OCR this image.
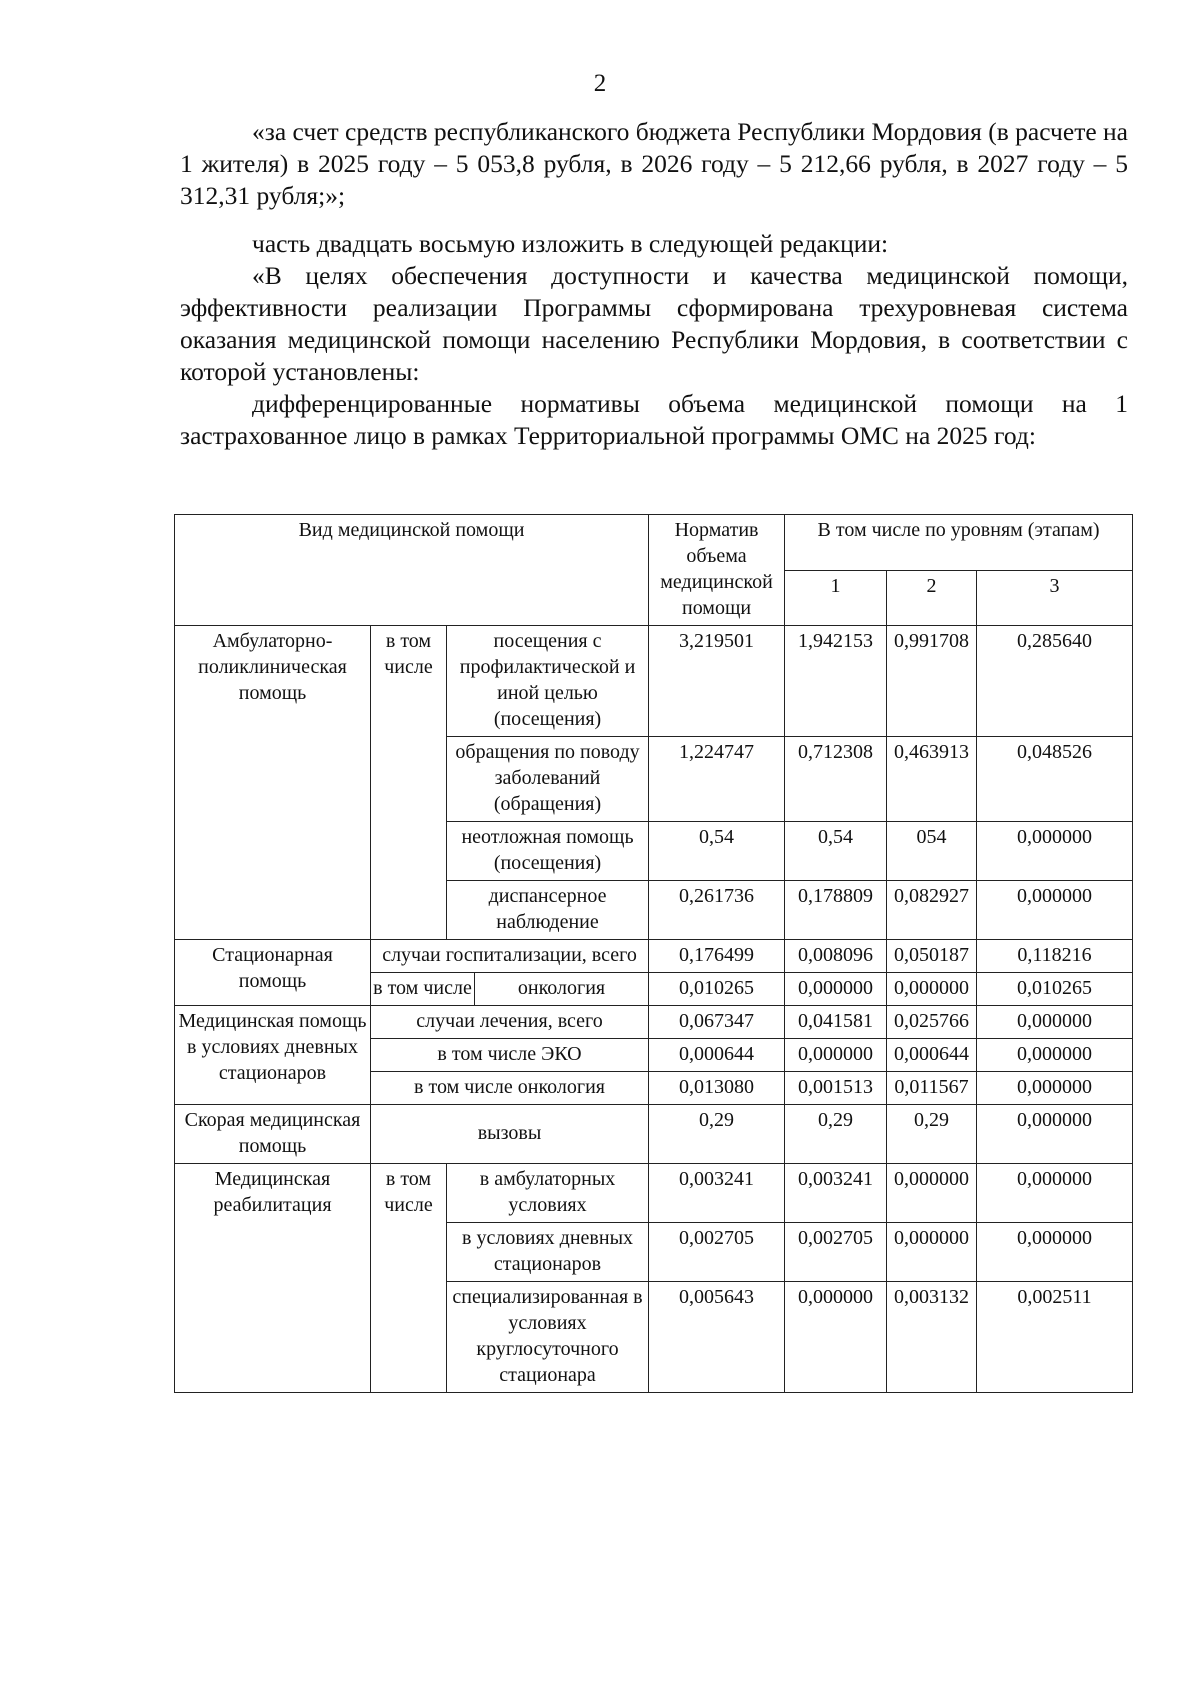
2

«за счет средств республиканского бюджета Республики Мордовия (в расчете на 1 жителя) в 2025 году – 5 053,8 рубля, в 2026 году – 5 212,66 рубля, в 2027 году – 5 312,31 рубля;»;

часть двадцать восьмую изложить в следующей редакции:

«В целях обеспечения доступности и качества медицинской помощи, эффективности реализации Программы сформирована трехуровневая система оказания медицинской помощи населению Республики Мордовия, в соответствии с которой установлены:

дифференцированные нормативы объема медицинской помощи на 1 застрахованное лицо в рамках Территориальной программы ОМС на 2025 год:

Вид медицинской помощи				Норматив объема медицинской помощи	В том числе по уровням (этапам)		
					1	2	3
Амбулаторно-поликлиническая помощь	в том числе	посещения с профилактической и иной целью (посещения)		3,219501	1,942153	0,991708	0,285640
		обращения по поводу заболеваний (обращения)		1,224747	0,712308	0,463913	0,048526
		неотложная помощь (посещения)		0,54	0,54	054	0,000000
		диспансерное наблюдение		0,261736	0,178809	0,082927	0,000000
Стационарная помощь	случаи госпитализации, всего			0,176499	0,008096	0,050187	0,118216
	в том числе		онкология	0,010265	0,000000	0,000000	0,010265
Медицинская помощь в условиях дневных стационаров	случаи лечения, всего			0,067347	0,041581	0,025766	0,000000
	в том числе ЭКО			0,000644	0,000000	0,000644	0,000000
	в том числе онкология			0,013080	0,001513	0,011567	0,000000
Скорая медицинская помощь	вызовы			0,29	0,29	0,29	0,000000
Медицинская реабилитация	в том числе	в амбулаторных условиях		0,003241	0,003241	0,000000	0,000000
		в условиях дневных стационаров		0,002705	0,002705	0,000000	0,000000
		специализированная в условиях круглосуточного стационара		0,005643	0,000000	0,003132	0,002511
